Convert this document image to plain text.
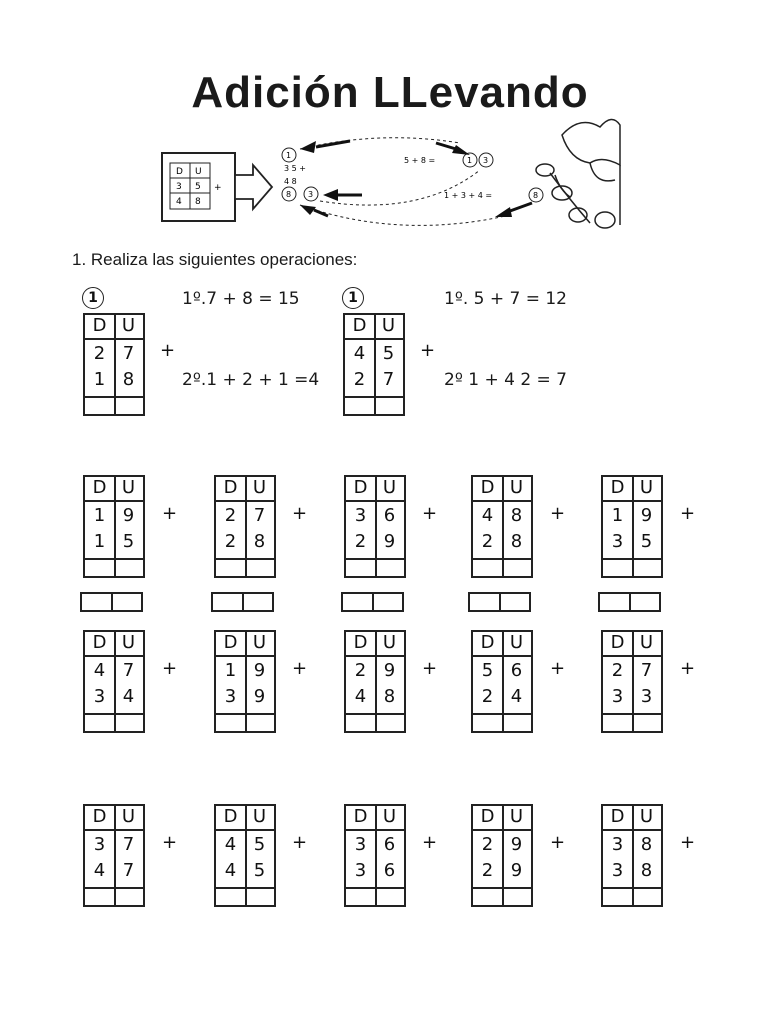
Adición LLevando
D U
3 5
4 8
+
1
3 5 +
4 8
8 3
5 + 8 =	1 3
1 + 3 + 4 =	8
1. Realiza las siguientes operaciones:
1
D U
2 7
1 8
+
1º.7 + 8 = 15
2º.1 + 2 + 1 =4
1
D U
4 5
2 7
+
1º. 5 + 7 = 12
2º 1 + 4 2 = 7
D U
1 9
1 5
+
D U
2 7
2 8
+
D U
3 6
2 9
+
D U
4 8
2 8
+
D U
1 9
3 5
+
D U
4 7
3 4
+
D U
1 9
3 9
+
D U
2 9
4 8
+
D U
5 6
2 4
+
D U
2 7
3 3
+
D U
3 7
4 7
+
D U
4 5
4 5
+
D U
3 6
3 6
+
D U
2 9
2 9
+
D U
3 8
3 8
+
